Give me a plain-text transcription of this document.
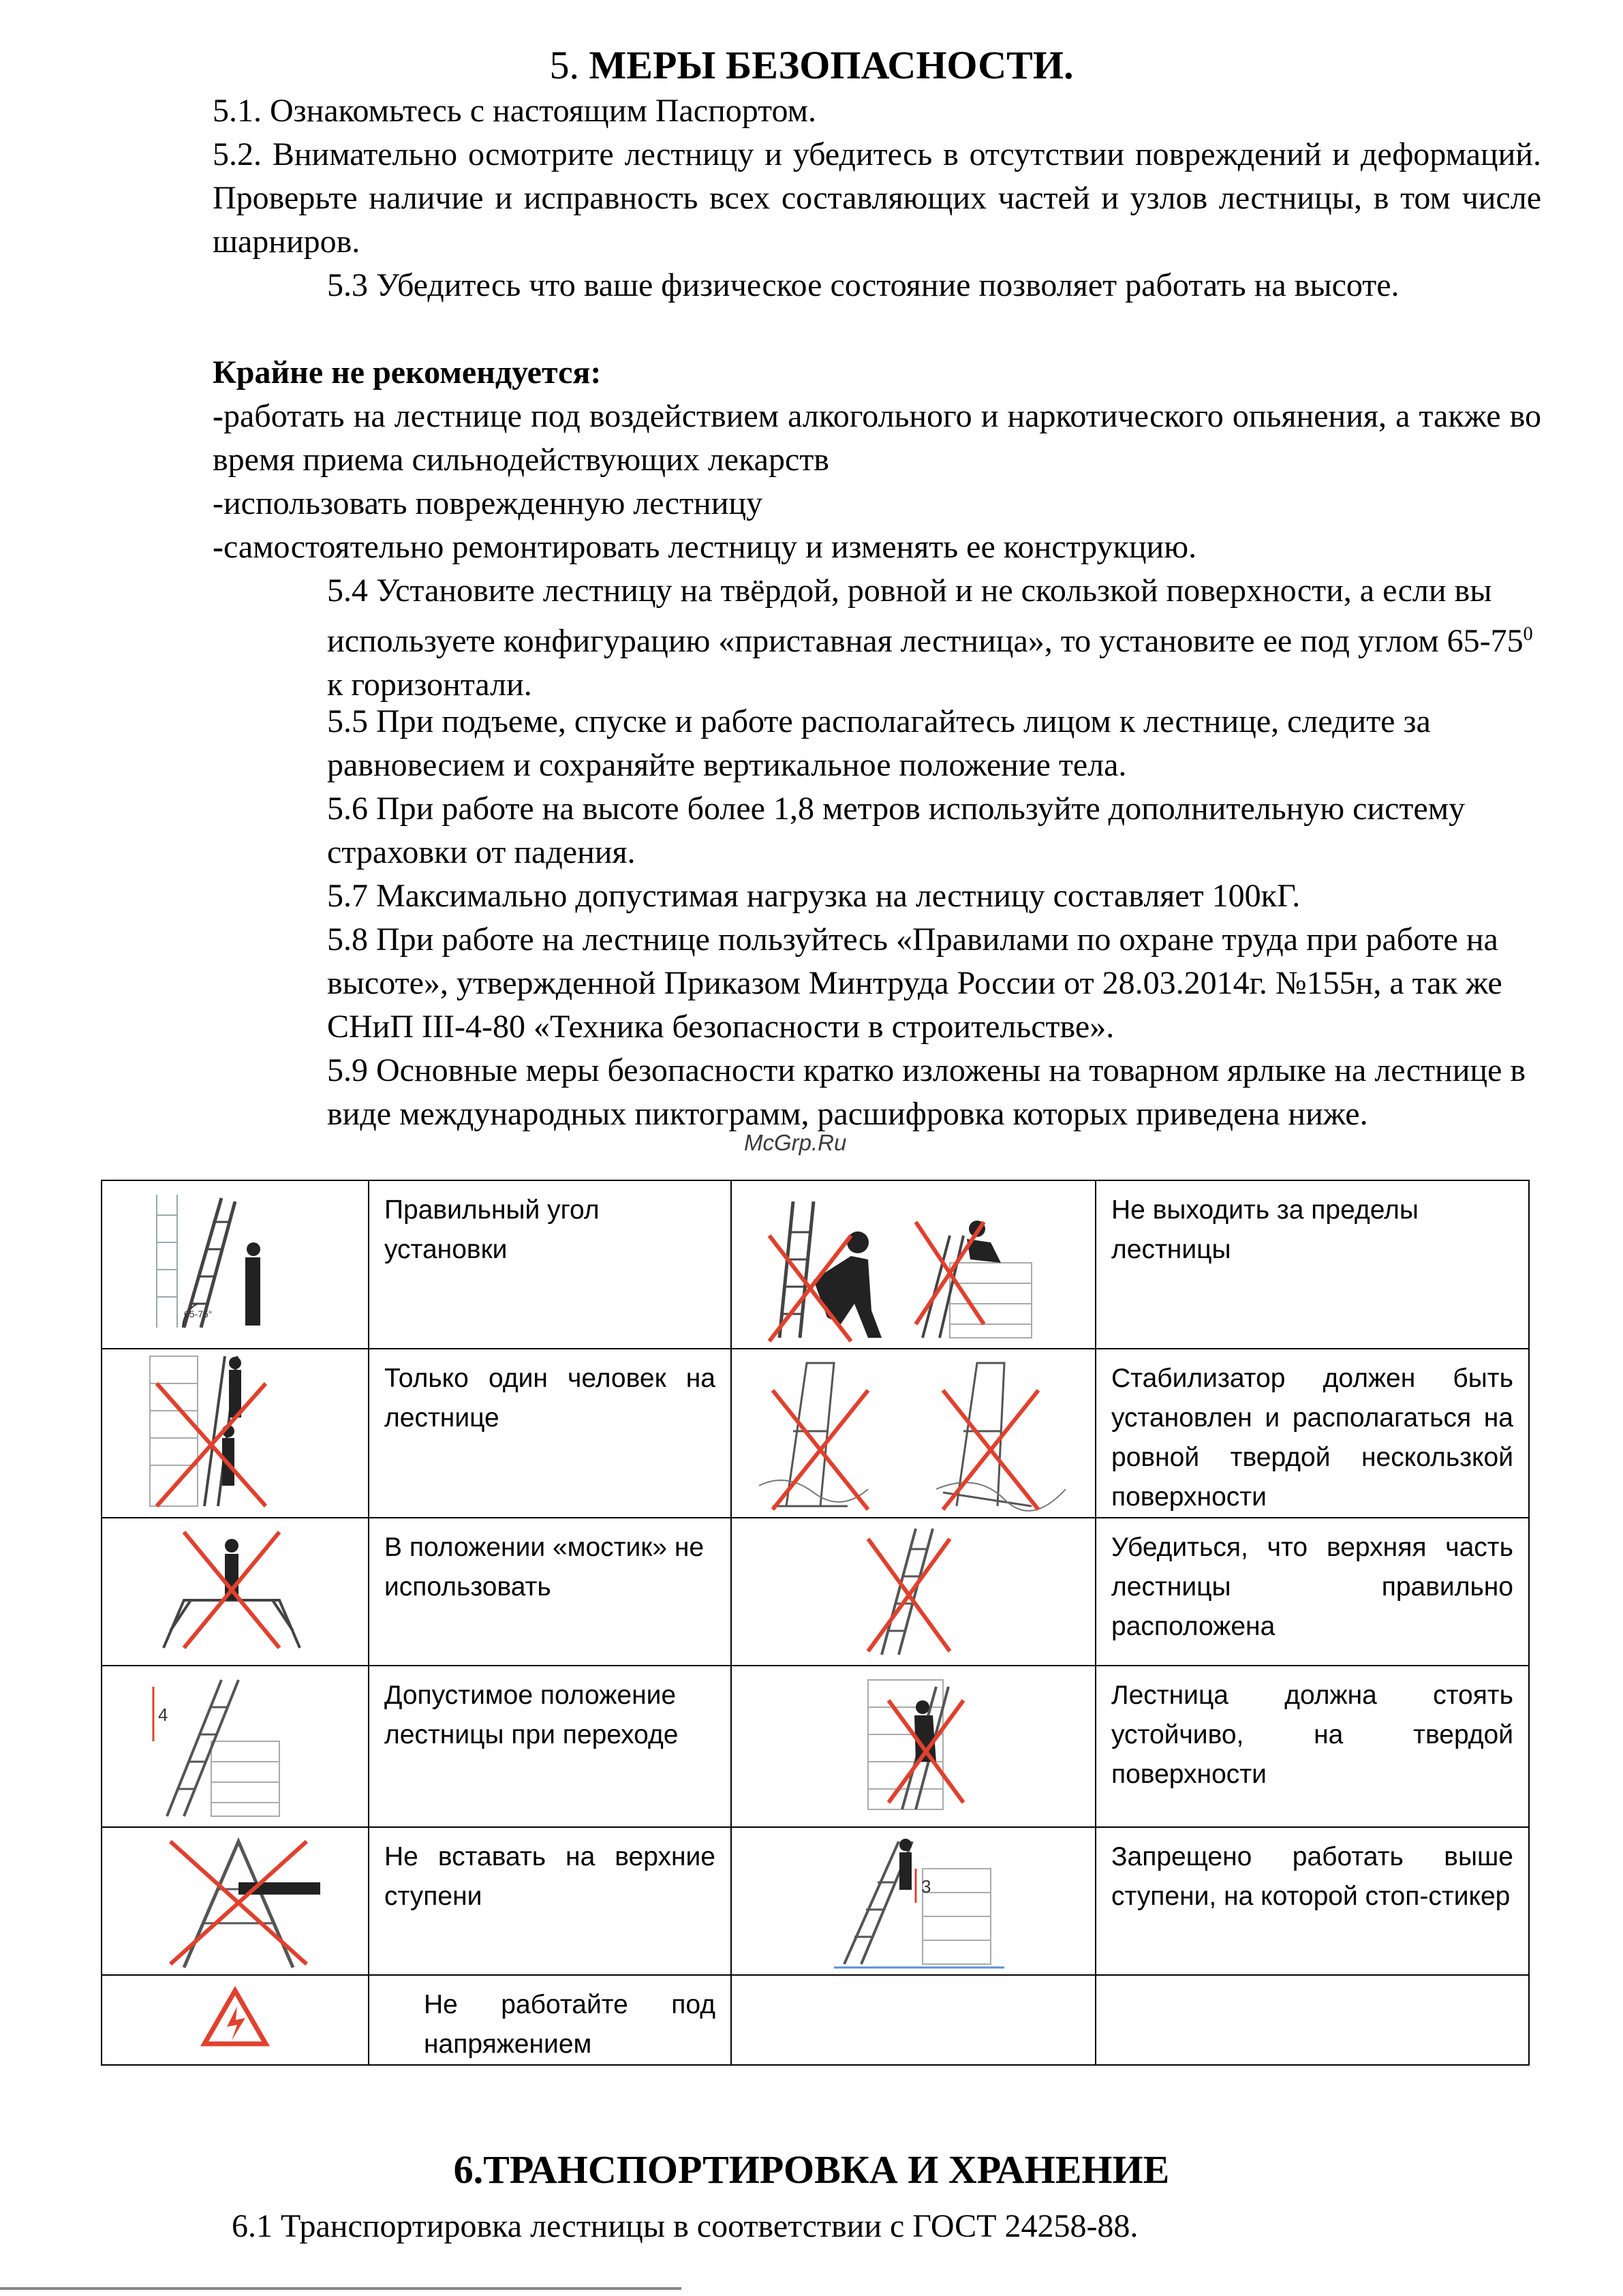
5. МЕРЫ БЕЗОПАСНОСТИ.

5.1. Ознакомьтесь с настоящим Паспортом.

5.2. Внимательно осмотрите лестницу и убедитесь в отсутствии повреждений и деформаций. Проверьте наличие и исправность всех составляющих частей и узлов лестницы, в том числе шарниров.

5.3 Убедитесь что ваше физическое состояние позволяет работать на высоте.

Крайне не рекомендуется:

-работать на лестнице под воздействием алкогольного и наркотического опьянения, а также во время приема сильнодействующих лекарств

-использовать поврежденную лестницу

-самостоятельно ремонтировать лестницу и изменять ее конструкцию.

5.4 Установите лестницу на твёрдой, ровной и не скользкой поверхности, а если вы используете конфигурацию «приставная лестница», то установите ее под углом $65-75^0$ к горизонтали.

5.5 При подъеме, спуске и работе располагайтесь лицом к лестнице, следите за равновесием и сохраняйте вертикальное положение тела.

5.6 При работе на высоте более 1,8 метров используйте дополнительную систему страховки от падения.

5.7 Максимально допустимая нагрузка на лестницу составляет 100кГ.

5.8 При работе на лестнице пользуйтесь «Правилами по охране труда при работе на высоте», утвержденной Приказом Минтруда России от 28.03.2014г. №155н, а так же СНиП III-4-80 «Техника безопасности в строительстве».

5.9 Основные меры безопасности кратко изложены на товарном ярлыке на лестнице в виде международных пиктограмм, расшифровка которых приведена ниже.

McGrp.Ru
65-75°	Правильный угол установки		Не выходить за пределы лестницы

Только один человек на лестнице		Стабилизатор должен быть установлен и располагаться на ровной твердой нескользкой поверхности

В положении «мостик» не использовать		Убедиться, что верхняя часть лестницы правильно расположена

4	Допустимое положение лестницы при переходе		Лестница должна стоять устойчиво, на твердой поверхности

Не вставать на верхние ступени	3	Запрещено работать выше ступени, на которой стоп-стикер

Не работайте под напряжением		

6.ТРАНСПОРТИРОВКА И ХРАНЕНИЕ

6.1 Транспортировка лестницы в соответствии с ГОСТ 24258-88.
